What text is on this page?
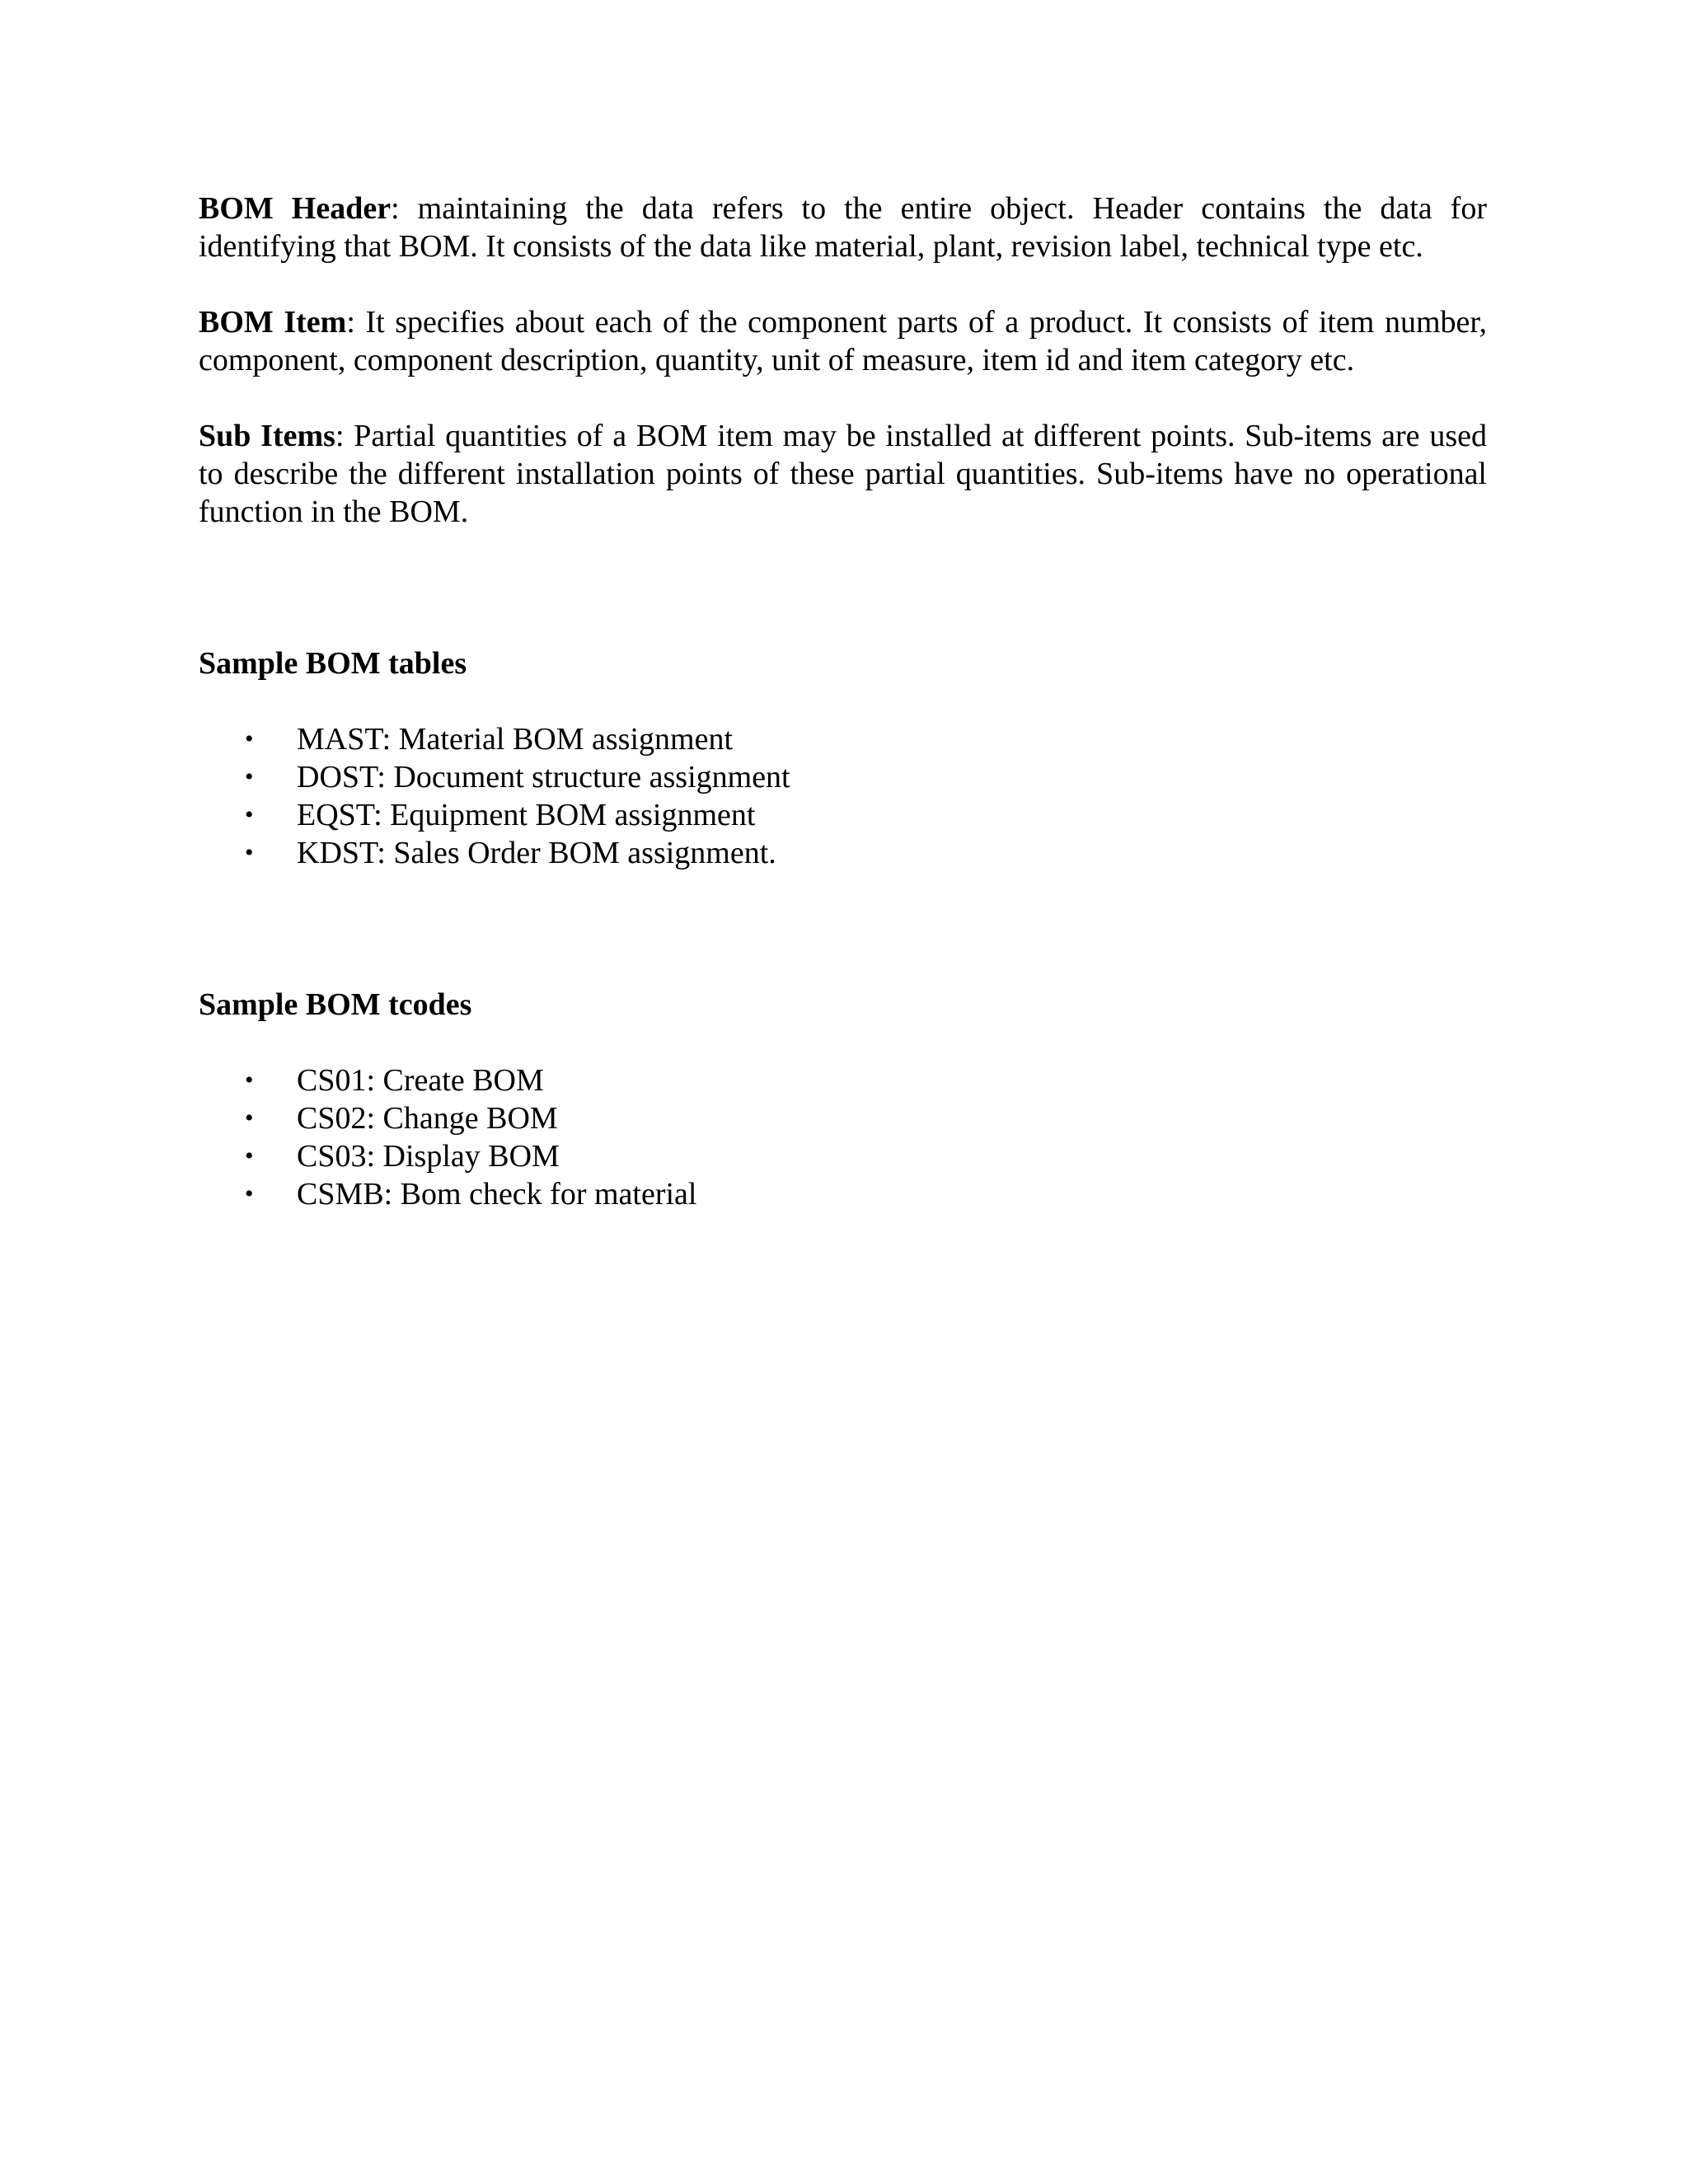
BOM Header: maintaining the data refers to the entire object. Header contains the data for identifying that BOM. It consists of the data like material, plant, revision label, technical type etc.

BOM Item: It specifies about each of the component parts of a product. It consists of item number, component, component description, quantity, unit of measure, item id and item category etc.

Sub Items: Partial quantities of a BOM item may be installed at different points. Sub-items are used to describe the different installation points of these partial quantities. Sub-items have no operational function in the BOM.

Sample BOM tables
• MAST: Material BOM assignment
• DOST: Document structure assignment
• EQST: Equipment BOM assignment
• KDST: Sales Order BOM assignment.
Sample BOM tcodes
• CS01: Create BOM
• CS02: Change BOM
• CS03: Display BOM
• CSMB: Bom check for material
